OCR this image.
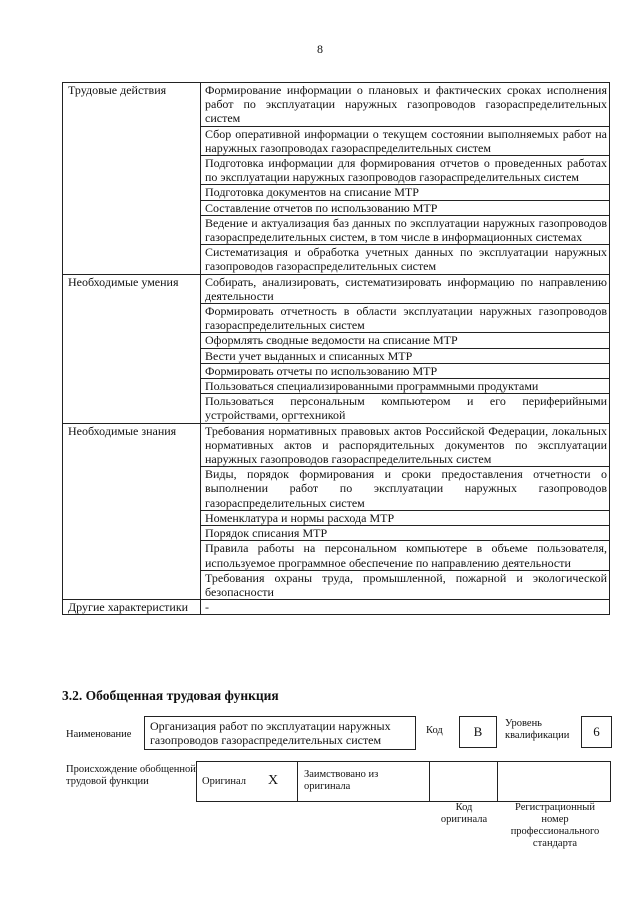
8
Трудовые действия	Формирование информации о плановых и фактических сроках исполнения работ по эксплуатации наружных газопроводов газораспределительных систем
	Сбор оперативной информации о текущем состоянии выполняемых работ на наружных газопроводах газораспределительных систем
	Подготовка информации для формирования отчетов о проведенных работах по эксплуатации наружных газопроводов газораспределительных систем
	Подготовка документов на списание МТР
	Составление отчетов по использованию МТР
	Ведение и актуализация баз данных по эксплуатации наружных газопроводов газораспределительных систем, в том числе в информационных системах
	Систематизация и обработка учетных данных по эксплуатации наружных газопроводов газораспределительных систем
Необходимые умения	Собирать, анализировать, систематизировать информацию по направлению деятельности
	Формировать отчетность в области эксплуатации наружных газопроводов газораспределительных систем
	Оформлять сводные ведомости на списание МТР
	Вести учет выданных и списанных МТР
	Формировать отчеты по использованию МТР
	Пользоваться специализированными программными продуктами
	Пользоваться персональным компьютером и его периферийными устройствами, оргтехникой
Необходимые знания	Требования нормативных правовых актов Российской Федерации, локальных нормативных актов и распорядительных документов по эксплуатации наружных газопроводов газораспределительных систем
	Виды, порядок формирования и сроки предоставления отчетности о выполнении работ по эксплуатации наружных газопроводов газораспределительных систем
	Номенклатура и нормы расхода МТР
	Порядок списания МТР
	Правила работы на персональном компьютере в объеме пользователя, используемое программное обеспечение по направлению деятельности
	Требования охраны труда, промышленной, пожарной и экологической безопасности
Другие характеристики	-
3.2. Обобщенная трудовая функция
Наименование
Организация работ по эксплуатации наружных газопроводов газораспределительных систем
Код	В
Уровень квалификации	6
Происхождение обобщенной трудовой функции	Оригинал X Заимствовано из оригинала
Код оригинала
Регистрационный номер профессионального стандарта
